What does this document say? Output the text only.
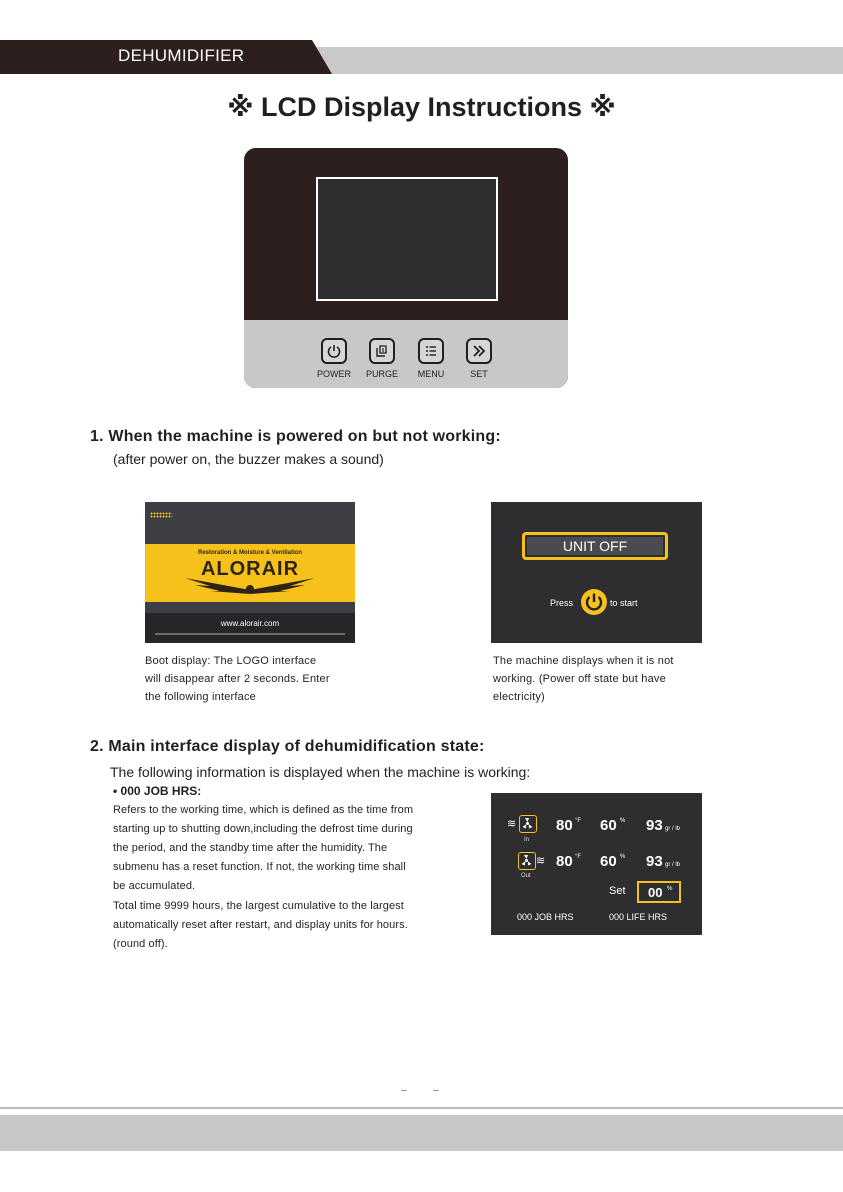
DEHUMIDIFIER
※ LCD Display Instructions ※
POWER	PURGE	MENU	SET
1. When the machine is powered on but not working:
(after power on, the buzzer makes a sound)
Restoration & Moisture & Ventilation
ALORAIR
www.alorair.com
Boot display: The LOGO interface
will disappear after 2 seconds. Enter
the following interface
UNIT OFF
Press	to start
The machine displays when it is not
working. (Power off state but have
electricity)
2. Main interface display of dehumidification state:
The following information is displayed when the machine is working:
• 000 JOB HRS:
Refers to the working time, which is defined as the time from
starting up to shutting down,including the defrost time during
the period, and the standby time after the humidity. The
submenu has a reset function. If not, the working time shall
be accumulated.
Total time 9999 hours, the largest cumulative to the largest
automatically reset after restart, and display units for hours.
(round off).
≋
In
80 °F 60 % 93 gr / lb
≋
Out
80 °F 60 % 93 gr / lb
Set 00 %
000 JOB HRS	000 LIFE HRS
–	–
